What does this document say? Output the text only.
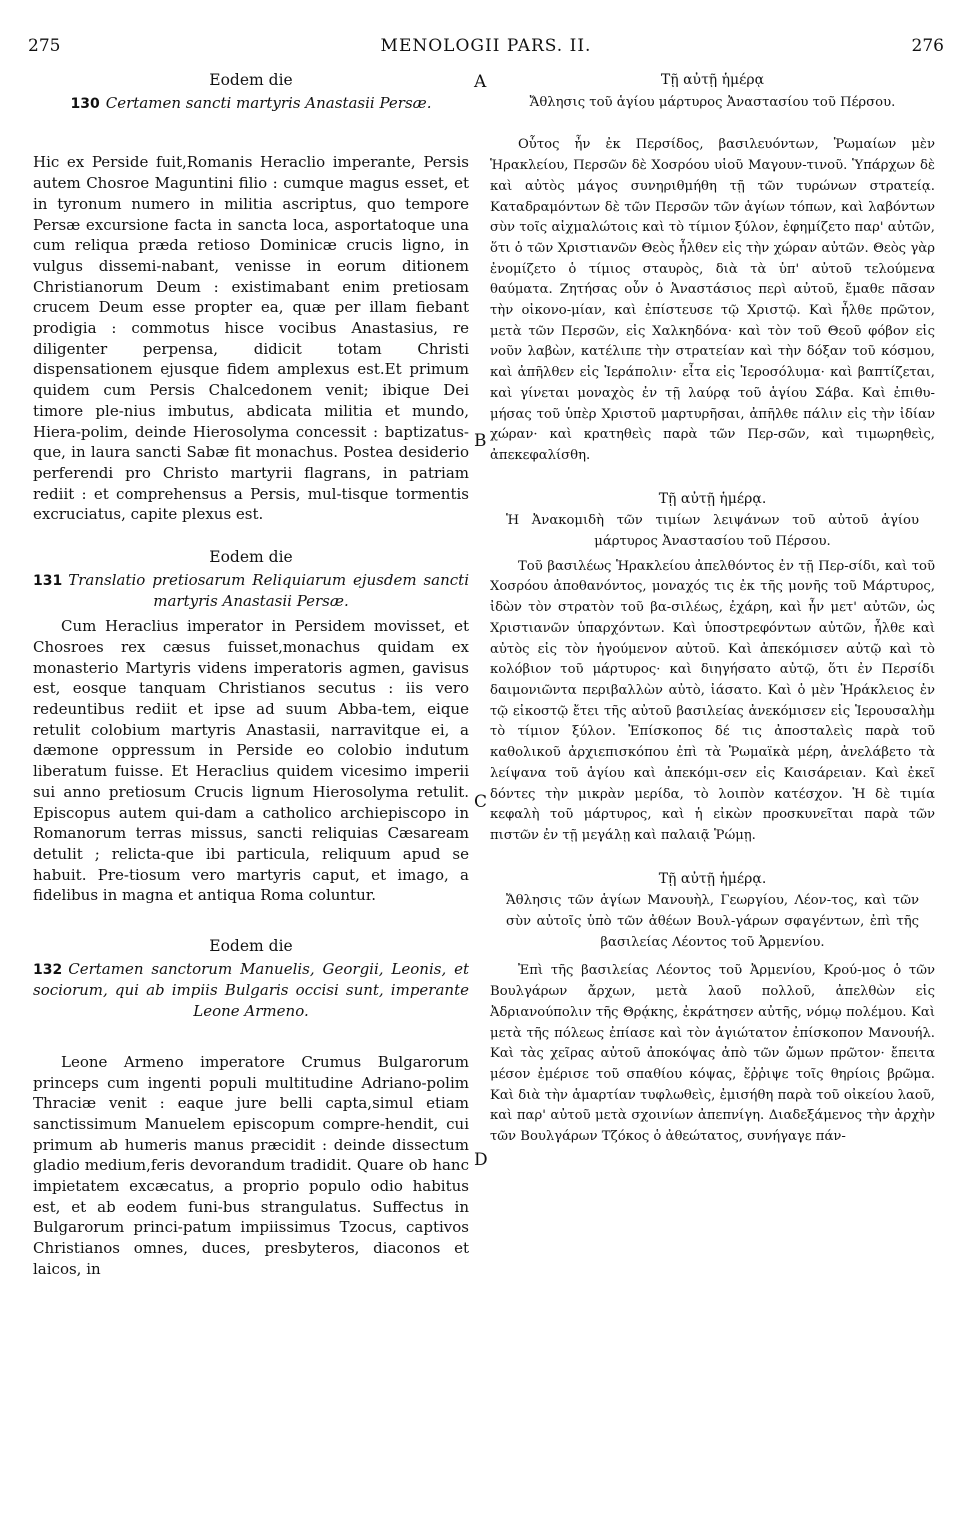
275	MENOLOGII PARS. II.	276
A
B
C
D
Eodem die
130 Certamen sancti martyris Anastasii Persæ.

Hic ex Perside fuit,Romanis Heraclio imperante, Persis autem Chosroe Maguntini filio : cumque magus esset, et in tyronum numero in militia ascriptus, quo tempore Persæ excursione facta in sancta loca, asportatoque una cum reliqua præda retioso Dominicæ crucis ligno, in vulgus dissemi-nabant, venisse in eorum ditionem Christianorum Deum : existimabant enim pretiosam crucem Deum esse propter ea, quæ per illam fiebant prodigia : commotus hisce vocibus Anastasius, re diligenter perpensa, didicit totam Christi dispensationem ejusque fidem amplexus est.Et primum quidem cum Persis Chalcedonem venit; ibique Dei timore ple-nius imbutus, abdicata militia et mundo, Hiera-polim, deinde Hierosolyma concessit : baptizatus-que, in laura sancti Sabæ fit monachus. Postea desiderio perferendi pro Christo martyrii flagrans, in patriam rediit : et comprehensus a Persis, mul-tisque tormentis excruciatus, capite plexus est.

Eodem die
131 Translatio pretiosarum Reliquiarum ejusdem sancti martyris Anastasii Persæ.

Cum Heraclius imperator in Persidem movisset, et Chosroes rex cæsus fuisset,monachus quidam ex monasterio Martyris videns imperatoris agmen, gavisus est, eosque tanquam Christianos secutus : iis vero redeuntibus rediit et ipse ad suum Abba-tem, eique retulit colobium martyris Anastasii, narravitque ei, a dæmone oppressum in Perside eo colobio indutum liberatum fuisse. Et Heraclius quidem vicesimo imperii sui anno pretiosum Crucis lignum Hierosolyma retulit. Episcopus autem qui-dam a catholico archiepiscopo in Romanorum terras missus, sancti reliquias Cæsaream detulit ; relicta-que ibi particula, reliquum apud se habuit. Pre-tiosum vero martyris caput, et imago, a fidelibus in magna et antiqua Roma coluntur.

Eodem die
132 Certamen sanctorum Manuelis, Georgii, Leonis, et sociorum, qui ab impiis Bulgaris occisi sunt, imperante Leone Armeno.

Leone Armeno imperatore Crumus Bulgarorum princeps cum ingenti populi multitudine Adriano-polim Thraciæ venit : eaque jure belli capta,simul etiam sanctissimum Manuelem episcopum compre-hendit, cui primum ab humeris manus præcidit : deinde dissectum gladio medium,feris devorandum tradidit. Quare ob hanc impietatem excæcatus, a proprio populo odio habitus est, et ab eodem funi-bus strangulatus. Suffectus in Bulgarorum princi-patum impiissimus Tzocus, captivos Christianos omnes, duces, presbyteros, diaconos et laicos, in

Τῇ αὐτῇ ἡμέρᾳ
Ἄθλησις τοῦ ἁγίου μάρτυρος Ἀναστασίου τοῦ Πέρσου.

Οὗτος ἦν ἐκ Περσίδος, βασιλευόντων, Ῥωμαίων μὲν Ἡρακλείου, Περσῶν δὲ Χοσρόου υἱοῦ Μαγουν-τινοῦ. Ὑπάρχων δὲ καὶ αὐτὸς μάγος συνηριθμήθη τῇ τῶν τυρώνων στρατείᾳ. Καταδραμόντων δὲ τῶν Περσῶν τῶν ἁγίων τόπων, καὶ λαβόντων σὺν τοῖς αἰχμαλώτοις καὶ τὸ τίμιον ξύλον, ἐφημίζετο παρ' αὐτῶν, ὅτι ὁ τῶν Χριστιανῶν Θεὸς ἦλθεν εἰς τὴν χώραν αὐτῶν. Θεὸς γὰρ ἐνομίζετο ὁ τίμιος σταυρὸς, διὰ τὰ ὑπ' αὐτοῦ τελούμενα θαύματα. Ζητήσας οὖν ὁ Ἀναστάσιος περὶ αὐτοῦ, ἔμαθε πᾶσαν τὴν οἰκονο-μίαν, καὶ ἐπίστευσε τῷ Χριστῷ. Καὶ ἦλθε πρῶτον, μετὰ τῶν Περσῶν, εἰς Χαλκηδόνα· καὶ τὸν τοῦ Θεοῦ φόβον εἰς νοῦν λαβὼν, κατέλιπε τὴν στρατείαν καὶ τὴν δόξαν τοῦ κόσμου, καὶ ἀπῆλθεν εἰς Ἱεράπολιν· εἶτα εἰς Ἱεροσόλυμα· καὶ βαπτίζεται, καὶ γίνεται μοναχὸς ἐν τῇ λαύρᾳ τοῦ ἁγίου Σάβα. Καὶ ἐπιθυ-μήσας τοῦ ὑπὲρ Χριστοῦ μαρτυρῆσαι, ἀπῆλθε πάλιν εἰς τὴν ἰδίαν χώραν· καὶ κρατηθεὶς παρὰ τῶν Περ-σῶν, καὶ τιμωρηθεὶς, ἀπεκεφαλίσθη.

Τῇ αὐτῇ ἡμέρᾳ.
Ἡ Ἀνακομιδὴ τῶν τιμίων λειψάνων τοῦ αὐτοῦ ἁγίου μάρτυρος Ἀναστασίου τοῦ Πέρσου.

Τοῦ βασιλέως Ἡρακλείου ἀπελθόντος ἐν τῇ Περ-σίδι, καὶ τοῦ Χοσρόου ἀποθανόντος, μοναχός τις ἐκ τῆς μονῆς τοῦ Μάρτυρος, ἰδὼν τὸν στρατὸν τοῦ βα-σιλέως, ἐχάρη, καὶ ἦν μετ' αὐτῶν, ὡς Χριστιανῶν ὑπαρχόντων. Καὶ ὑποστρεφόντων αὐτῶν, ἦλθε καὶ αὐτὸς εἰς τὸν ἡγούμενον αὐτοῦ. Καὶ ἀπεκόμισεν αὐτῷ καὶ τὸ κολόβιον τοῦ μάρτυρος· καὶ διηγήσατο αὐτῷ, ὅτι ἐν Περσίδι δαιμονιῶντα περιβαλλὼν αὐτὸ, ἰάσατο. Καὶ ὁ μὲν Ἡράκλειος ἐν τῷ εἰκοστῷ ἔτει τῆς αὐτοῦ βασιλείας ἀνεκόμισεν εἰς Ἱερουσαλὴμ τὸ τίμιον ξύλον. Ἐπίσκοπος δέ τις ἀποσταλεὶς παρὰ τοῦ καθολικοῦ ἀρχιεπισκόπου ἐπὶ τὰ Ῥωμαϊκὰ μέρη, ἀνελάβετο τὰ λείψανα τοῦ ἁγίου καὶ ἀπεκόμι-σεν εἰς Καισάρειαν. Καὶ ἐκεῖ δόντες τὴν μικρὰν μερίδα, τὸ λοιπὸν κατέσχον. Ἡ δὲ τιμία κεφαλὴ τοῦ μάρτυρος, καὶ ἡ εἰκὼν προσκυνεῖται παρὰ τῶν πιστῶν ἐν τῇ μεγάλῃ καὶ παλαιᾷ Ῥώμῃ.

Τῇ αὐτῇ ἡμέρᾳ.
Ἄθλησις τῶν ἁγίων Μανουὴλ, Γεωργίου, Λέον-τος, καὶ τῶν σὺν αὐτοῖς ὑπὸ τῶν ἀθέων Βουλ-γάρων σφαγέντων, ἐπὶ τῆς βασιλείας Λέοντος τοῦ Ἀρμενίου.

Ἐπὶ τῆς βασιλείας Λέοντος τοῦ Ἀρμενίου, Κρού-μος ὁ τῶν Βουλγάρων ἄρχων, μετὰ λαοῦ πολλοῦ, ἀπελθὼν εἰς Ἀδριανούπολιν τῆς Θρᾴκης, ἐκράτησεν αὐτῆς, νόμῳ πολέμου. Καὶ μετὰ τῆς πόλεως ἐπίασε καὶ τὸν ἁγιώτατον ἐπίσκοπον Μανουήλ. Καὶ τὰς χεῖρας αὐτοῦ ἀποκόψας ἀπὸ τῶν ὤμων πρῶτον· ἔπειτα μέσον ἐμέρισε τοῦ σπαθίου κόψας, ἔῤῥιψε τοῖς θηρίοις βρῶμα. Καὶ διὰ τὴν ἁμαρτίαν τυφλωθεὶς, ἐμισήθη παρὰ τοῦ οἰκείου λαοῦ, καὶ παρ' αὐτοῦ μετὰ σχοινίων ἀπεπνίγη. Διαδεξάμενος τὴν ἀρχὴν τῶν Βουλγάρων Τζόκος ὁ ἀθεώτατος, συνήγαγε πάν-
